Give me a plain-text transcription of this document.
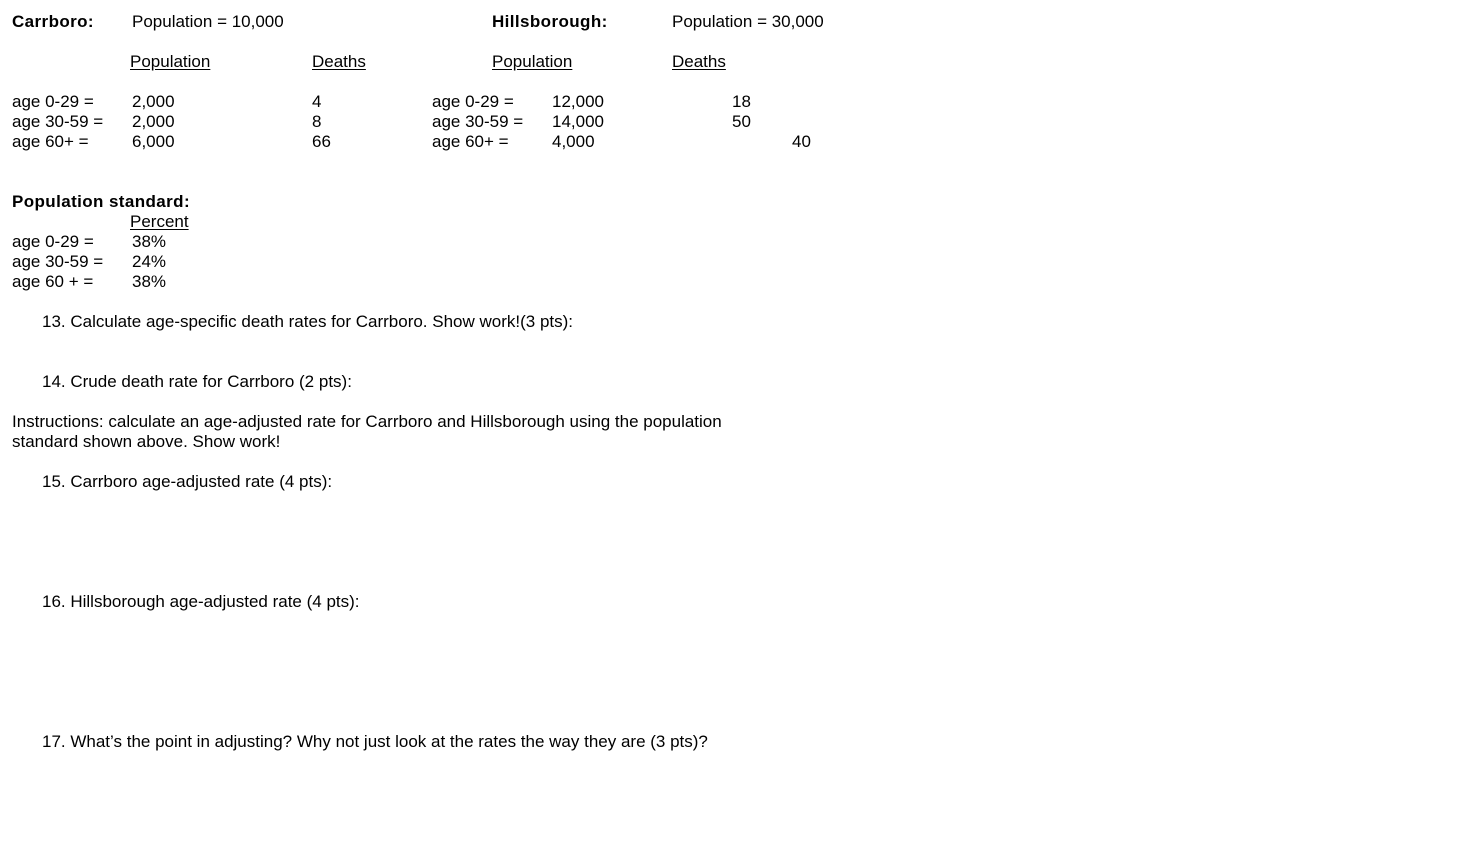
Carrboro: Population = 10,000	Hillsborough:	Population = 30,000
Population	Deaths	Population	Deaths
age 0-29 = 2,000	4
age 30-59 = 2,000	8
age 60+ =	6,000	66
age 0-29 = 12,000	18
age 30-59 = 14,000	50
age 60+ =	4,000	40
Population standard:
Percent
age 0-29 = 38%
age 30-59 = 24%
age 60 + = 38%
13. Calculate age-specific death rates for Carrboro. Show work!(3 pts):
14. Crude death rate for Carrboro (2 pts):
Instructions: calculate an age-adjusted rate for Carrboro and Hillsborough using the population
standard shown above. Show work!
15. Carrboro age-adjusted rate (4 pts):
16. Hillsborough age-adjusted rate (4 pts):
17. What’s the point in adjusting? Why not just look at the rates the way they are (3 pts)?
